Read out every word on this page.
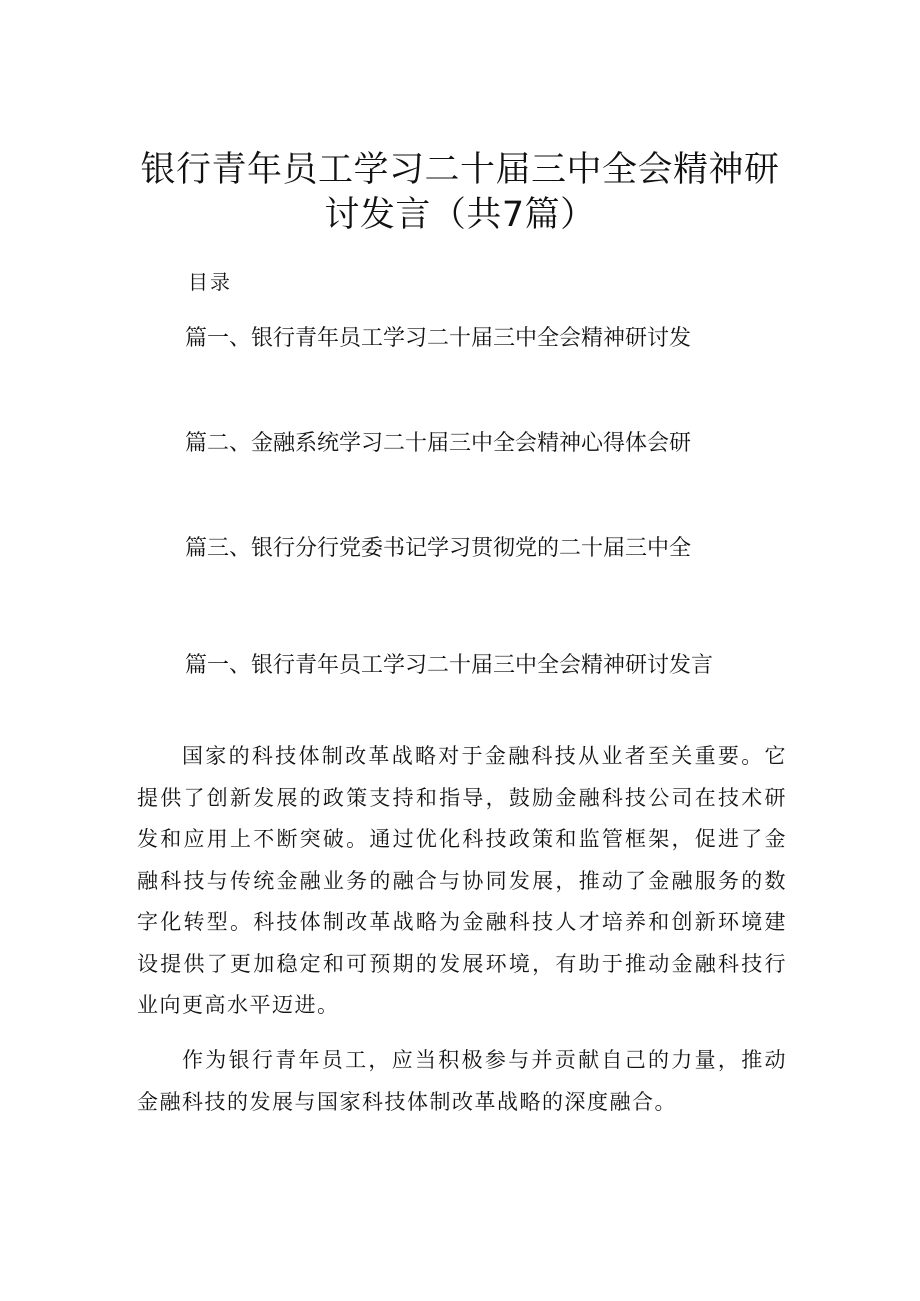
银行青年员工学习二十届三中全会精神研
讨发言（共7篇）
目录
篇一、银行青年员工学习二十届三中全会精神研讨发
篇二、金融系统学习二十届三中全会精神心得体会研
篇三、银行分行党委书记学习贯彻党的二十届三中全
篇一、银行青年员工学习二十届三中全会精神研讨发言

国家的科技体制改革战略对于金融科技从业者至关重要。它提供了创新发展的政策支持和指导，鼓励金融科技公司在技术研发和应用上不断突破。通过优化科技政策和监管框架，促进了金融科技与传统金融业务的融合与协同发展，推动了金融服务的数字化转型。科技体制改革战略为金融科技人才培养和创新环境建设提供了更加稳定和可预期的发展环境，有助于推动金融科技行业向更高水平迈进。

作为银行青年员工，应当积极参与并贡献自己的力量，推动金融科技的发展与国家科技体制改革战略的深度融合。
